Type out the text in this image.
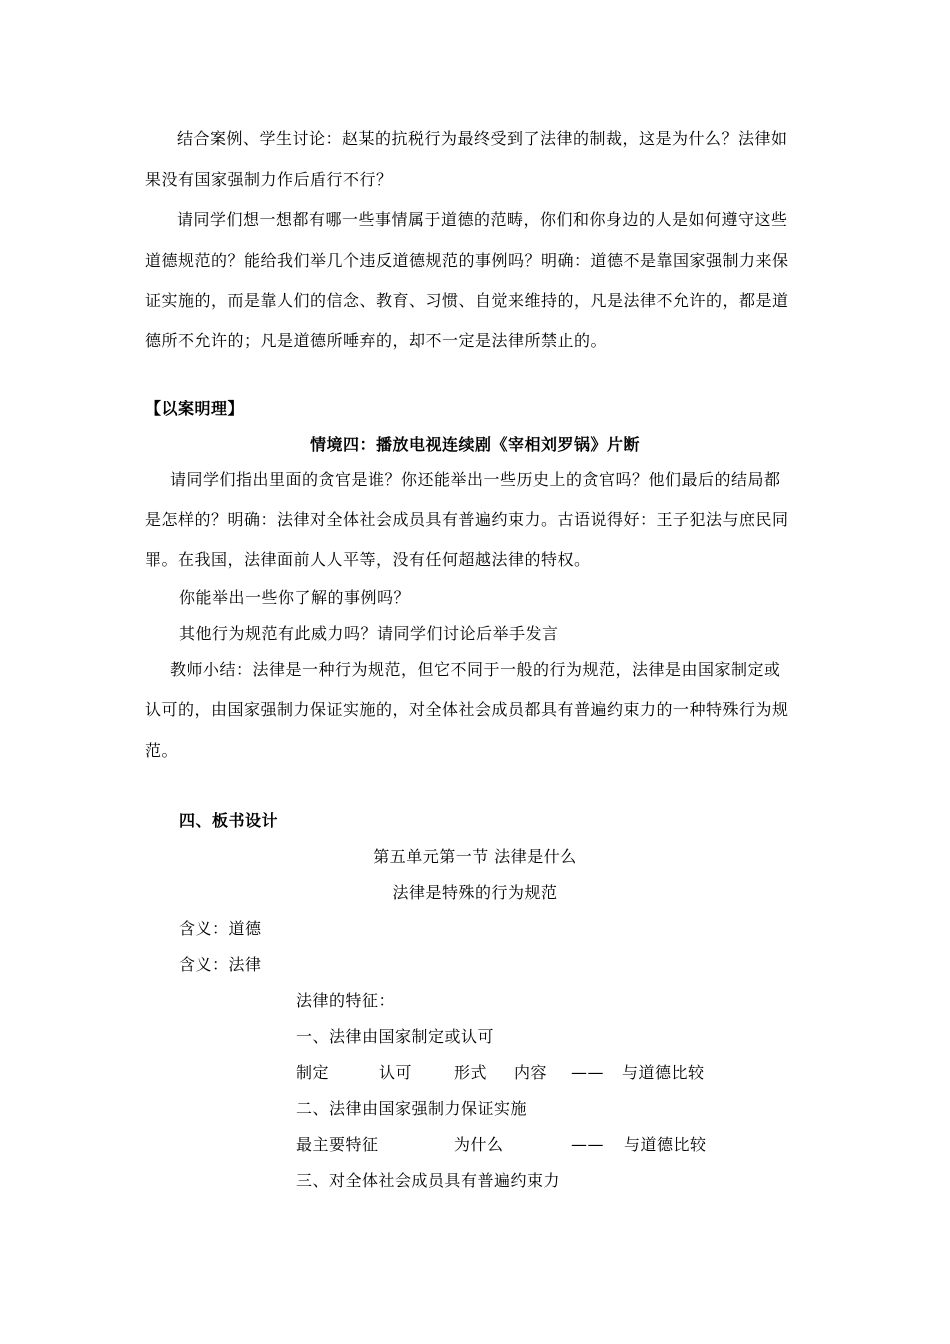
结合案例、学生讨论：赵某的抗税行为最终受到了法律的制裁，这是为什么？法律如
果没有国家强制力作后盾行不行？
请同学们想一想都有哪一些事情属于道德的范畴，你们和你身边的人是如何遵守这些
道德规范的？能给我们举几个违反道德规范的事例吗？明确：道德不是靠国家强制力来保
证实施的，而是靠人们的信念、教育、习惯、自觉来维持的，凡是法律不允许的，都是道
德所不允许的；凡是道德所唾弃的，却不一定是法律所禁止的。
【以案明理】
情境四：播放电视连续剧《宰相刘罗锅》片断
请同学们指出里面的贪官是谁？你还能举出一些历史上的贪官吗？他们最后的结局都
是怎样的？明确：法律对全体社会成员具有普遍约束力。古语说得好：王子犯法与庶民同
罪。在我国，法律面前人人平等，没有任何超越法律的特权。
你能举出一些你了解的事例吗？
其他行为规范有此威力吗？请同学们讨论后举手发言
教师小结：法律是一种行为规范，但它不同于一般的行为规范，法律是由国家制定或
认可的，由国家强制力保证实施的，对全体社会成员都具有普遍约束力的一种特殊行为规
范。
四、板书设计
第五单元第一节 法律是什么
法律是特殊的行为规范
含义：道德
含义：法律
法律的特征：
一、法律由国家制定或认可
制定	认可	形式 内容 —— 与道德比较
二、法律由国家强制力保证实施
最主要特征	为什么	—— 与道德比较
三、对全体社会成员具有普遍约束力
